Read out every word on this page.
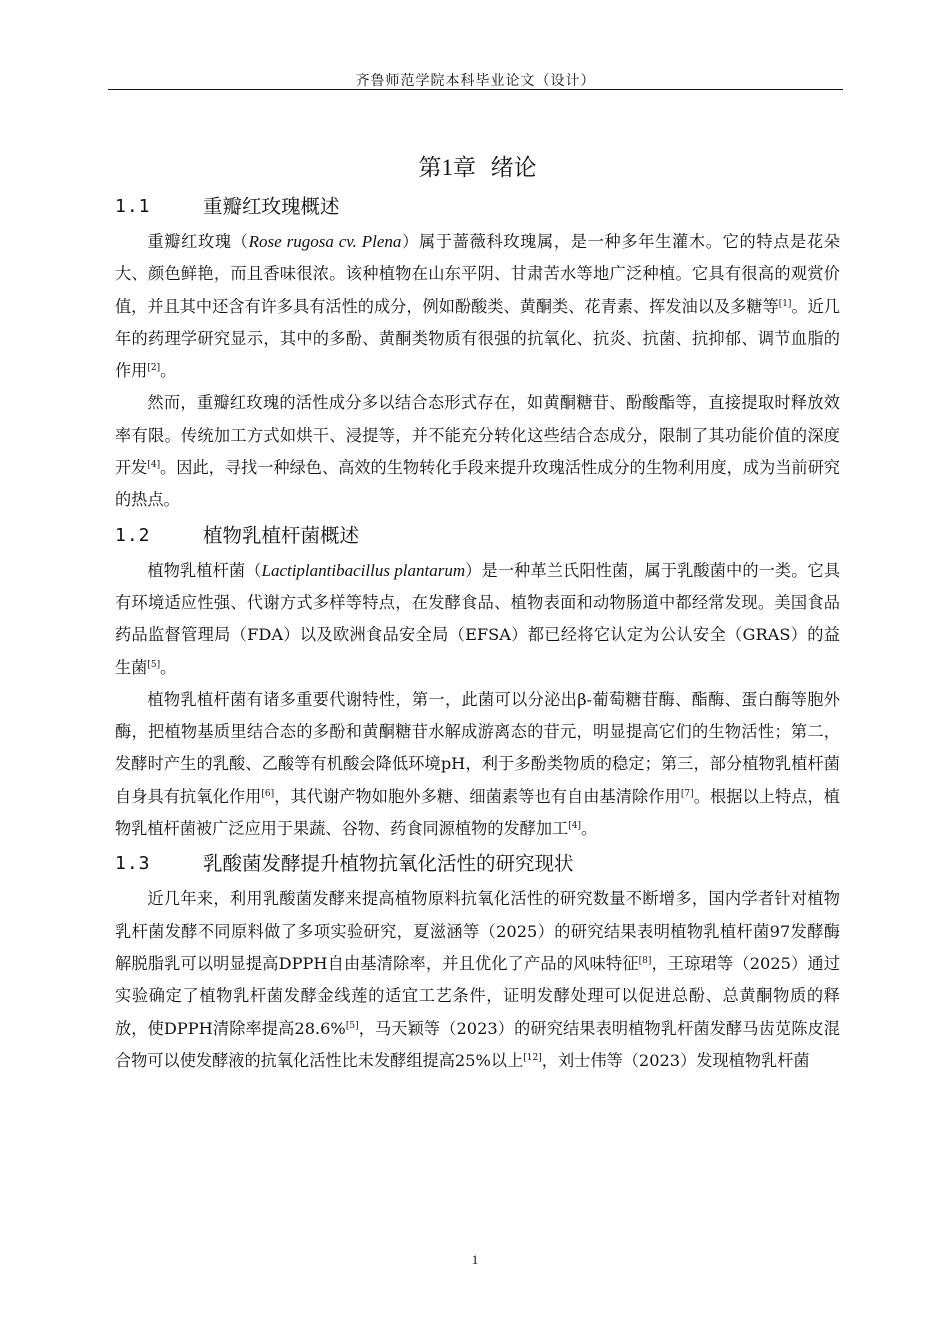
齐鲁师范学院本科毕业论文（设计）
第1章 绪论
1.1	重瓣红玫瑰概述

重瓣红玫瑰（Rose rugosa cv. Plena）属于蔷薇科玫瑰属，是一种多年生灌木。它的特点是花朵大、颜色鲜艳，而且香味很浓。该种植物在山东平阴、甘肃苦水等地广泛种植。它具有很高的观赏价值，并且其中还含有许多具有活性的成分，例如酚酸类、黄酮类、花青素、挥发油以及多糖等[1]。近几年的药理学研究显示，其中的多酚、黄酮类物质有很强的抗氧化、抗炎、抗菌、抗抑郁、调节血脂的作用[2]。

然而，重瓣红玫瑰的活性成分多以结合态形式存在，如黄酮糖苷、酚酸酯等，直接提取时释放效率有限。传统加工方式如烘干、浸提等，并不能充分转化这些结合态成分，限制了其功能价值的深度开发[4]。因此，寻找一种绿色、高效的生物转化手段来提升玫瑰活性成分的生物利用度，成为当前研究的热点。

1.2	植物乳植杆菌概述

植物乳植杆菌（Lactiplantibacillus plantarum）是一种革兰氏阳性菌，属于乳酸菌中的一类。它具有环境适应性强、代谢方式多样等特点，在发酵食品、植物表面和动物肠道中都经常发现。美国食品药品监督管理局（FDA）以及欧洲食品安全局（EFSA）都已经将它认定为公认安全（GRAS）的益生菌[5]。

植物乳植杆菌有诸多重要代谢特性，第一，此菌可以分泌出β-葡萄糖苷酶、酯酶、蛋白酶等胞外酶，把植物基质里结合态的多酚和黄酮糖苷水解成游离态的苷元，明显提高它们的生物活性；第二，发酵时产生的乳酸、乙酸等有机酸会降低环境pH，利于多酚类物质的稳定；第三，部分植物乳植杆菌自身具有抗氧化作用[6]，其代谢产物如胞外多糖、细菌素等也有自由基清除作用[7]。根据以上特点，植物乳植杆菌被广泛应用于果蔬、谷物、药食同源植物的发酵加工[4]。

1.3	乳酸菌发酵提升植物抗氧化活性的研究现状

近几年来，利用乳酸菌发酵来提高植物原料抗氧化活性的研究数量不断增多，国内学者针对植物乳杆菌发酵不同原料做了多项实验研究，夏滋涵等（2025）的研究结果表明植物乳植杆菌97发酵酶解脱脂乳可以明显提高DPPH自由基清除率，并且优化了产品的风味特征[8]，王琼珺等（2025）通过实验确定了植物乳杆菌发酵金线莲的适宜工艺条件，证明发酵处理可以促进总酚、总黄酮物质的释放，使DPPH清除率提高28.6%[5]，马天颖等（2023）的研究结果表明植物乳杆菌发酵马齿苋陈皮混合物可以使发酵液的抗氧化活性比未发酵组提高25%以上[12]，刘士伟等（2023）发现植物乳杆菌

1
